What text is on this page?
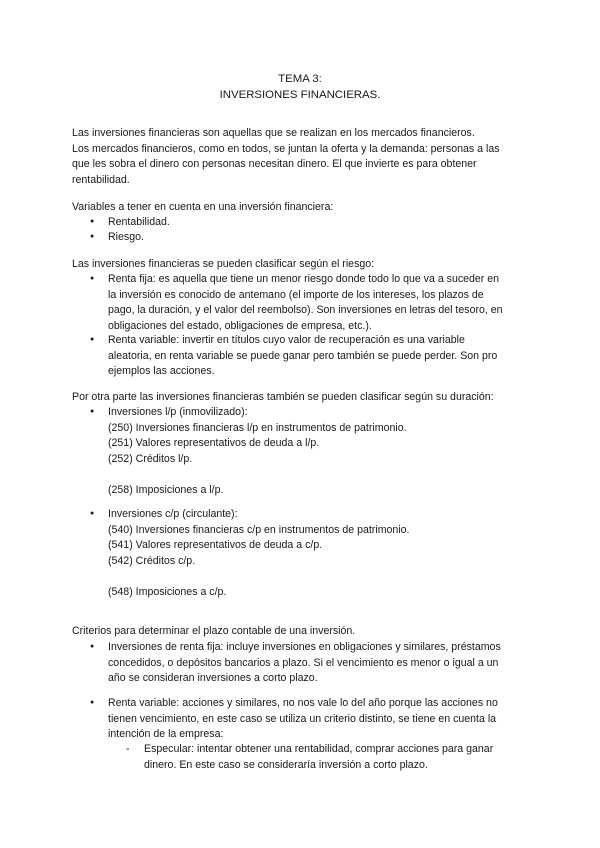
TEMA 3:
INVERSIONES FINANCIERAS.
Las inversiones financieras son aquellas que se realizan en los mercados financieros.
Los mercados financieros, como en todos, se juntan la oferta y la demanda: personas a las
que les sobra el dinero con personas necesitan dinero. El que invierte es para obtener
rentabilidad.
Variables a tener en cuenta en una inversión financiera:
●
Rentabilidad.
●
Riesgo.
Las inversiones financieras se pueden clasificar según el riesgo:
●
Renta fija: es aquella que tiene un menor riesgo donde todo lo que va a suceder en
la inversión es conocido de antemano (el importe de los intereses, los plazos de
pago, la duración, y el valor del reembolso). Son inversiones en letras del tesoro, en
obligaciones del estado, obligaciones de empresa, etc.).
●
Renta variable: invertir en títulos cuyo valor de recuperación es una variable
aleatoria, en renta variable se puede ganar pero también se puede perder. Son pro
ejemplos las acciones.
Por otra parte las inversiones financieras también se pueden clasificar según su duración:
●
Inversiones l/p (inmovilizado):
(250) Inversiones financieras l/p en instrumentos de patrimonio.
(251) Valores representativos de deuda a l/p.
(252) Créditos l/p.
(258) Imposiciones a l/p.
●
Inversiones c/p (circulante):
(540) Inversiones financieras c/p en instrumentos de patrimonio.
(541) Valores representativos de deuda a c/p.
(542) Créditos c/p.
(548) Imposiciones a c/p.
Criterios para determinar el plazo contable de una inversión.
●
Inversiones de renta fija: incluye inversiones en obligaciones y similares, préstamos
concedidos, o depósitos bancarios a plazo. Si el vencimiento es menor o igual a un
año se consideran inversiones a corto plazo.
●
Renta variable: acciones y similares, no nos vale lo del año porque las acciones no
tienen vencimiento, en este caso se utiliza un criterio distinto, se tiene en cuenta la
intención de la empresa:
- Especular: intentar obtener una rentabilidad, comprar acciones para ganar
dinero. En este caso se consideraría inversión a corto plazo.
